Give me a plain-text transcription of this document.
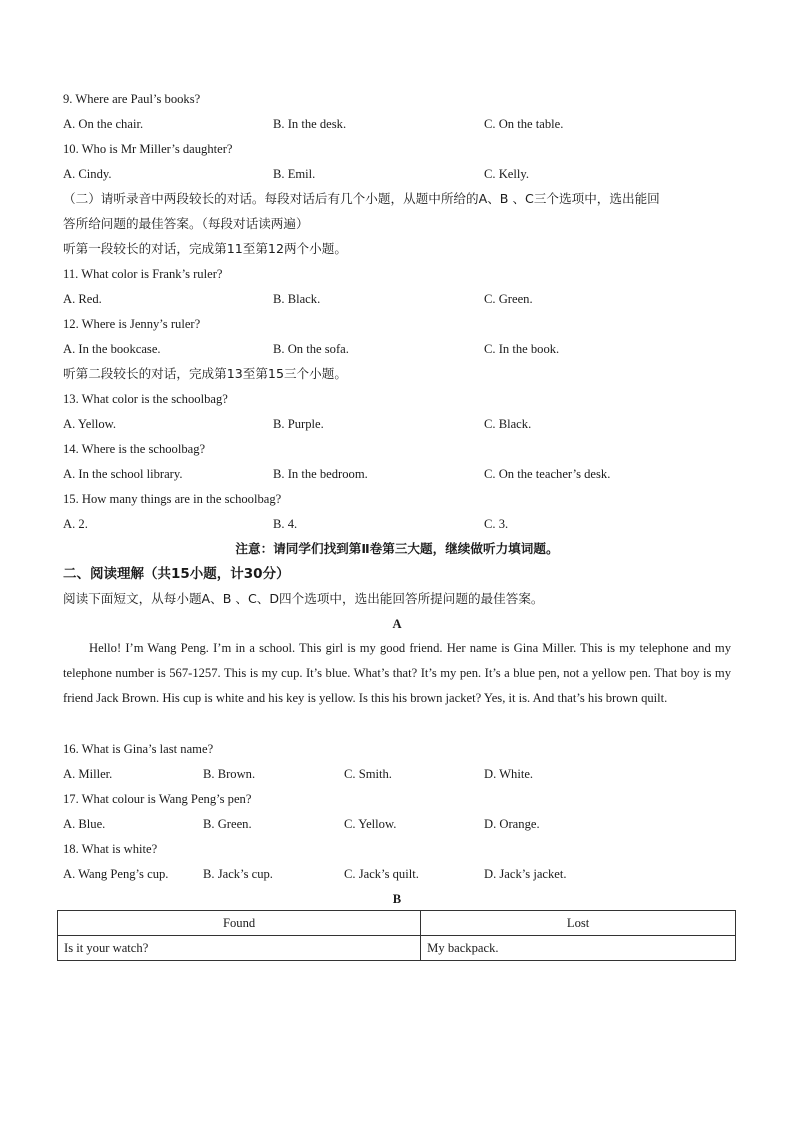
9. Where are Paul’s books?
A. On the chair.	B. In the desk.	C. On the table.
10. Who is Mr Miller’s daughter?
A. Cindy.	B. Emil.	C. Kelly.
（二）请听录音中两段较长的对话。每段对话后有几个小题，从题中所给的A、B 、C三个选项中，选出能回
答所给问题的最佳答案。（每段对话读两遍）
听第一段较长的对话，完成第11至第12两个小题。
11. What color is Frank’s ruler?
A. Red.	B. Black.	C. Green.
12. Where is Jenny’s ruler?
A. In the bookcase.	B. On the sofa.	C. In the book.
听第二段较长的对话，完成第13至第15三个小题。
13. What color is the schoolbag?
A. Yellow.	B. Purple.	C. Black.
14. Where is the schoolbag?
A. In the school library.	B. In the bedroom.	C. On the teacher’s desk.
15. How many things are in the schoolbag?
A. 2.	B. 4.	C. 3.
注意：请同学们找到第Ⅱ卷第三大题，继续做听力填词题。
二、阅读理解（共15小题，计30分）
阅读下面短文，从每小题A、B 、C、D四个选项中，选出能回答所提问题的最佳答案。
A
Hello! I’m Wang Peng. I’m in a school. This girl is my good friend. Her name is Gina Miller. This is my telephone and my telephone number is 567-1257. This is my cup. It’s blue. What’s that? It’s my pen. It’s a blue pen, not a yellow pen. That boy is my friend Jack Brown. His cup is white and his key is yellow. Is this his brown jacket? Yes, it is. And that’s his brown quilt.
16. What is Gina’s last name?
A. Miller.	B. Brown.	C. Smith.	D. White.
17. What colour is Wang Peng’s pen?
A. Blue.	B. Green.	C. Yellow.	D. Orange.
18. What is white?
A. Wang Peng’s cup.	B. Jack’s cup.	C. Jack’s quilt.	D. Jack’s jacket.
B
Found	Lost
Is it your watch?	My backpack.
